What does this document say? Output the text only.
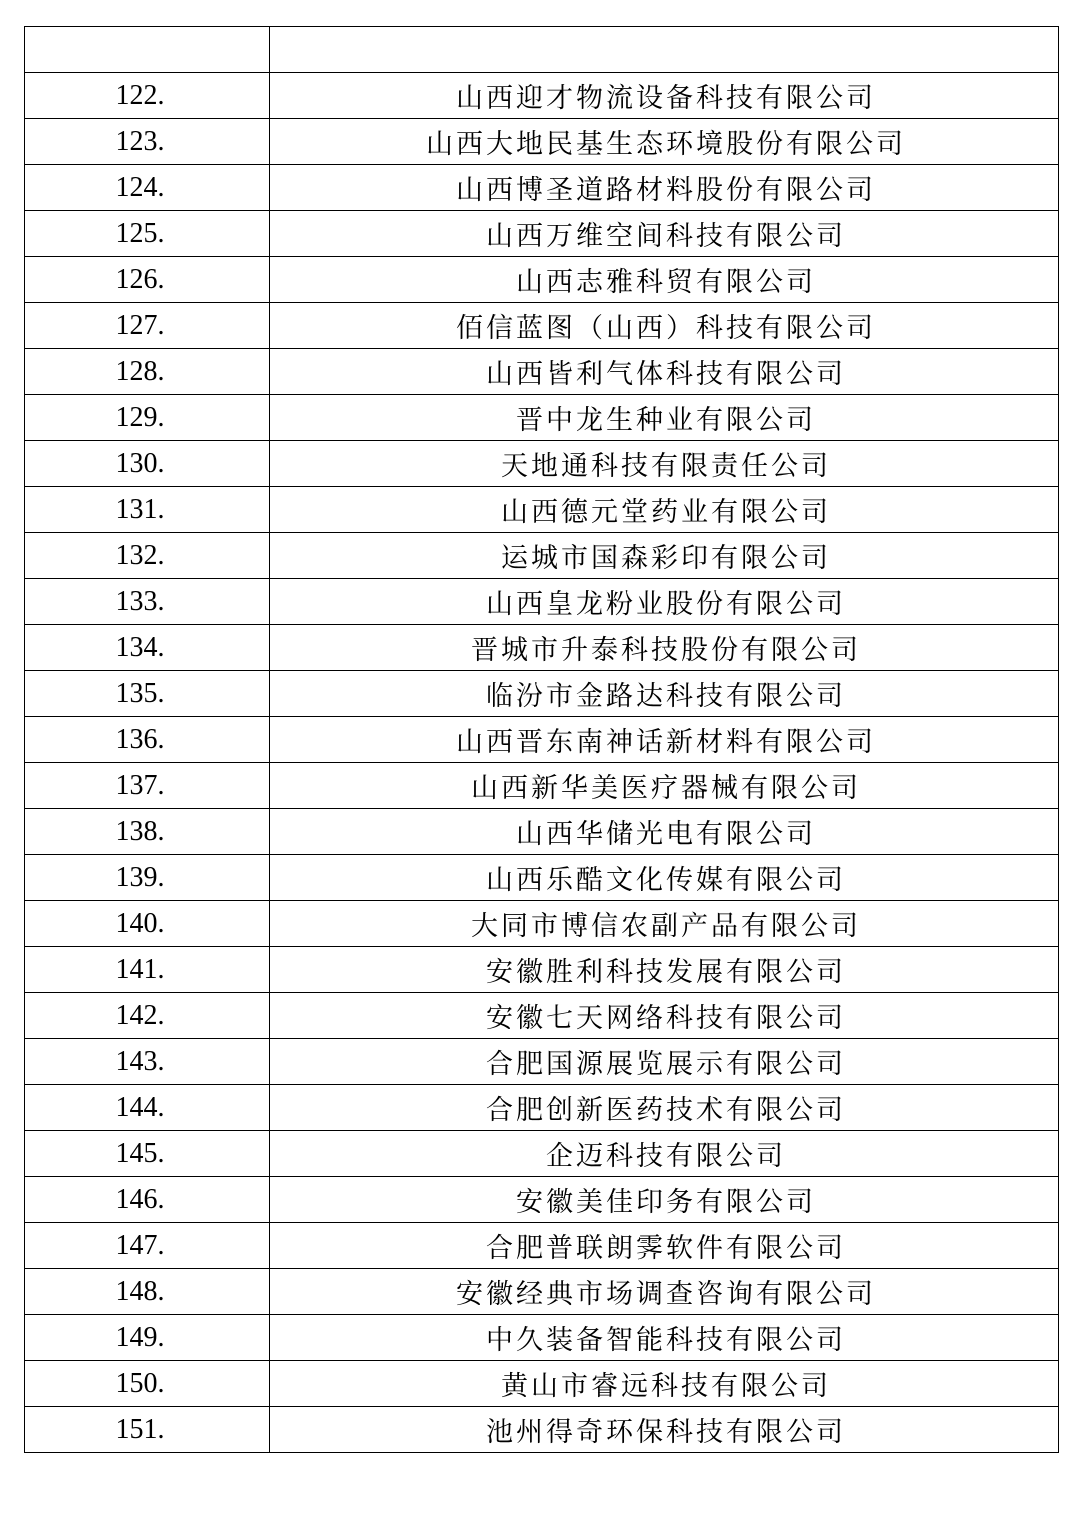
122.	山西迎才物流设备科技有限公司
123.	山西大地民基生态环境股份有限公司
124.	山西博圣道路材料股份有限公司
125.	山西万维空间科技有限公司
126.	山西志雅科贸有限公司
127.	佰信蓝图（山西）科技有限公司
128.	山西皆利气体科技有限公司
129.	晋中龙生种业有限公司
130.	天地通科技有限责任公司
131.	山西德元堂药业有限公司
132.	运城市国森彩印有限公司
133.	山西皇龙粉业股份有限公司
134.	晋城市升泰科技股份有限公司
135.	临汾市金路达科技有限公司
136.	山西晋东南神话新材料有限公司
137.	山西新华美医疗器械有限公司
138.	山西华储光电有限公司
139.	山西乐酷文化传媒有限公司
140.	大同市博信农副产品有限公司
141.	安徽胜利科技发展有限公司
142.	安徽七天网络科技有限公司
143.	合肥国源展览展示有限公司
144.	合肥创新医药技术有限公司
145.	企迈科技有限公司
146.	安徽美佳印务有限公司
147.	合肥普联朗霁软件有限公司
148.	安徽经典市场调查咨询有限公司
149.	中久装备智能科技有限公司
150.	黄山市睿远科技有限公司
151.	池州得奇环保科技有限公司
